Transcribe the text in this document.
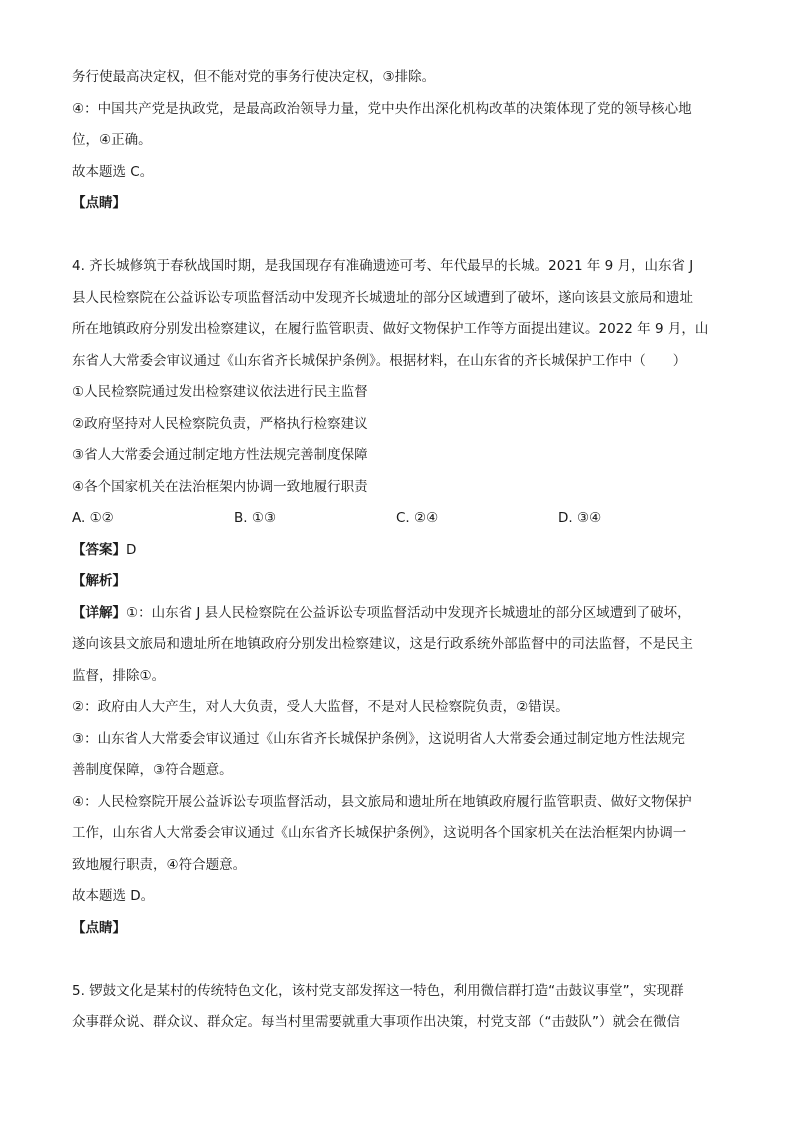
务行使最高决定权，但不能对党的事务行使决定权，③排除。
④：中国共产党是执政党，是最高政治领导力量，党中央作出深化机构改革的决策体现了党的领导核心地
位，④正确。
故本题选 C。
【点睛】
4. 齐长城修筑于春秋战国时期，是我国现存有准确遗迹可考、年代最早的长城。2021 年 9 月，山东省 J
县人民检察院在公益诉讼专项监督活动中发现齐长城遗址的部分区域遭到了破坏，遂向该县文旅局和遗址
所在地镇政府分别发出检察建议，在履行监管职责、做好文物保护工作等方面提出建议。2022 年 9 月，山
东省人大常委会审议通过《山东省齐长城保护条例》。根据材料，在山东省的齐长城保护工作中（　　）
①人民检察院通过发出检察建议依法进行民主监督
②政府坚持对人民检察院负责，严格执行检察建议
③省人大常委会通过制定地方性法规完善制度保障
④各个国家机关在法治框架内协调一致地履行职责
A. ①②	B. ①③	C. ②④	D. ③④
【答案】D
【解析】
【详解】①：山东省 J 县人民检察院在公益诉讼专项监督活动中发现齐长城遗址的部分区域遭到了破坏，
遂向该县文旅局和遗址所在地镇政府分别发出检察建议，这是行政系统外部监督中的司法监督，不是民主
监督，排除①。
②：政府由人大产生，对人大负责，受人大监督，不是对人民检察院负责，②错误。
③：山东省人大常委会审议通过《山东省齐长城保护条例》，这说明省人大常委会通过制定地方性法规完
善制度保障，③符合题意。
④：人民检察院开展公益诉讼专项监督活动，县文旅局和遗址所在地镇政府履行监管职责、做好文物保护
工作，山东省人大常委会审议通过《山东省齐长城保护条例》，这说明各个国家机关在法治框架内协调一
致地履行职责，④符合题意。
故本题选 D。
【点睛】
5. 锣鼓文化是某村的传统特色文化，该村党支部发挥这一特色，利用微信群打造“击鼓议事堂”，实现群
众事群众说、群众议、群众定。每当村里需要就重大事项作出决策，村党支部（“击鼓队”）就会在微信
